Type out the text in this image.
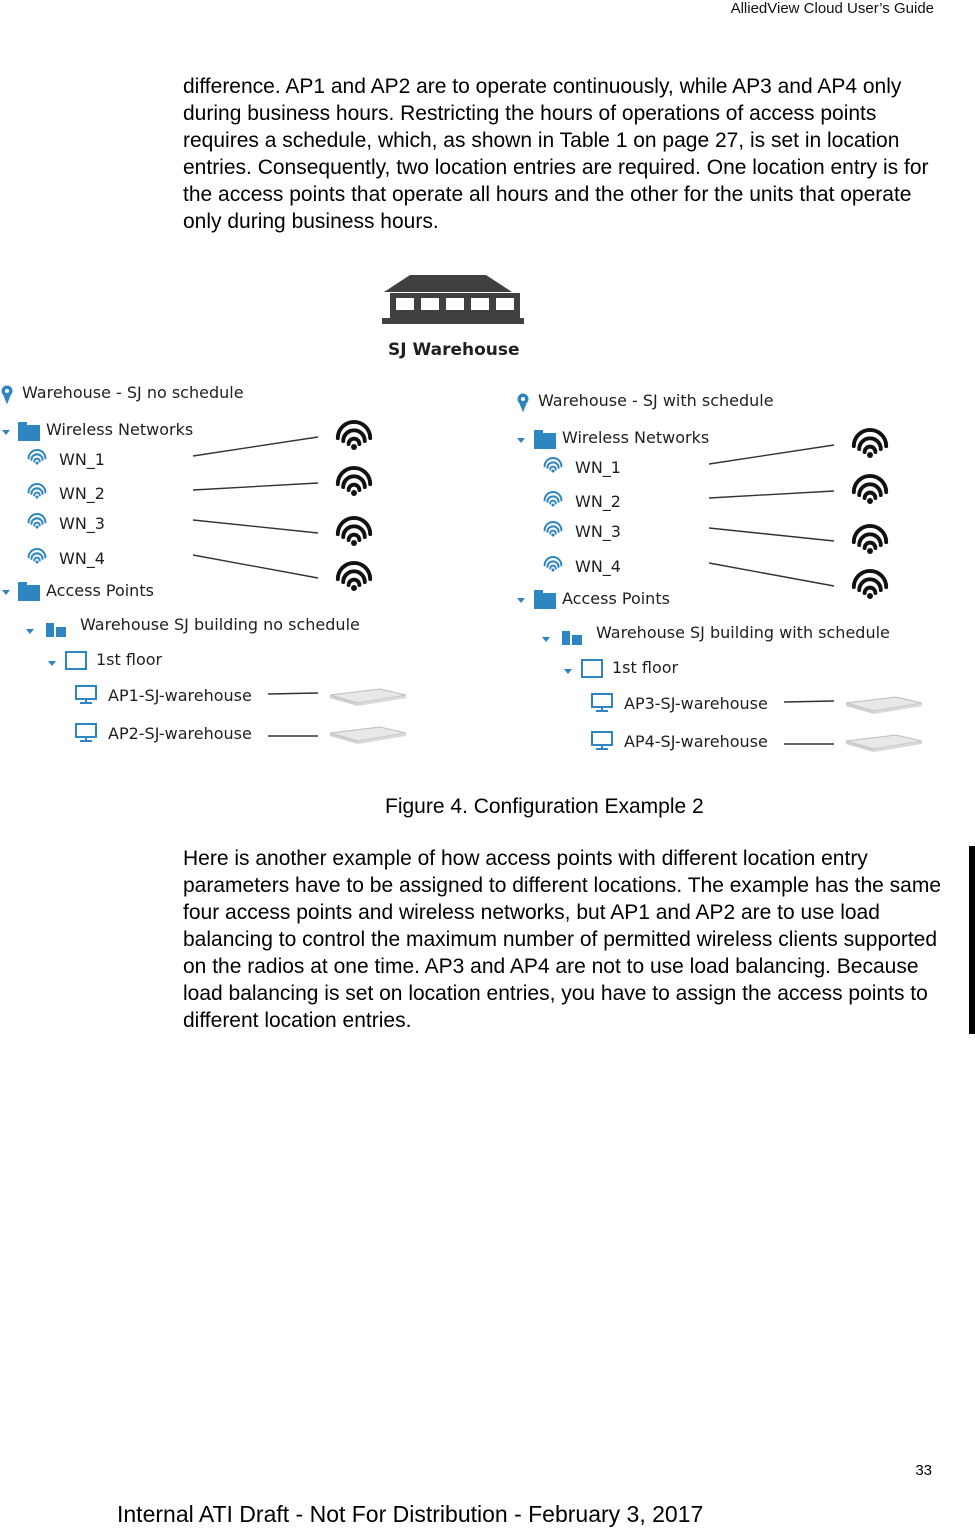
AlliedView Cloud User’s Guide

difference. AP1 and AP2 are to operate continuously, while AP3 and AP4 only during business hours. Restricting the hours of operations of access points requires a schedule, which, as shown in Table 1 on page 27, is set in location entries. Consequently, two location entries are required. One location entry is for the access points that operate all hours and the other for the units that operate only during business hours.

SJ Warehouse
Warehouse - SJ no schedule
Wireless Networks
WN_1
WN_2
WN_3
WN_4
Access Points
Warehouse SJ building no schedule
1st floor
AP1-SJ-warehouse
AP2-SJ-warehouse
Warehouse - SJ with schedule
Wireless Networks
WN_1
WN_2
WN_3
WN_4
Access Points
Warehouse SJ building with schedule
1st floor
AP3-SJ-warehouse
AP4-SJ-warehouse
Figure 4. Configuration Example 2

Here is another example of how access points with different location entry parameters have to be assigned to different locations. The example has the same four access points and wireless networks, but AP1 and AP2 are to use load balancing to control the maximum number of permitted wireless clients supported on the radios at one time. AP3 and AP4 are not to use load balancing. Because load balancing is set on location entries, you have to assign the access points to different location entries.

33
Internal ATI Draft - Not For Distribution - February 3, 2017
